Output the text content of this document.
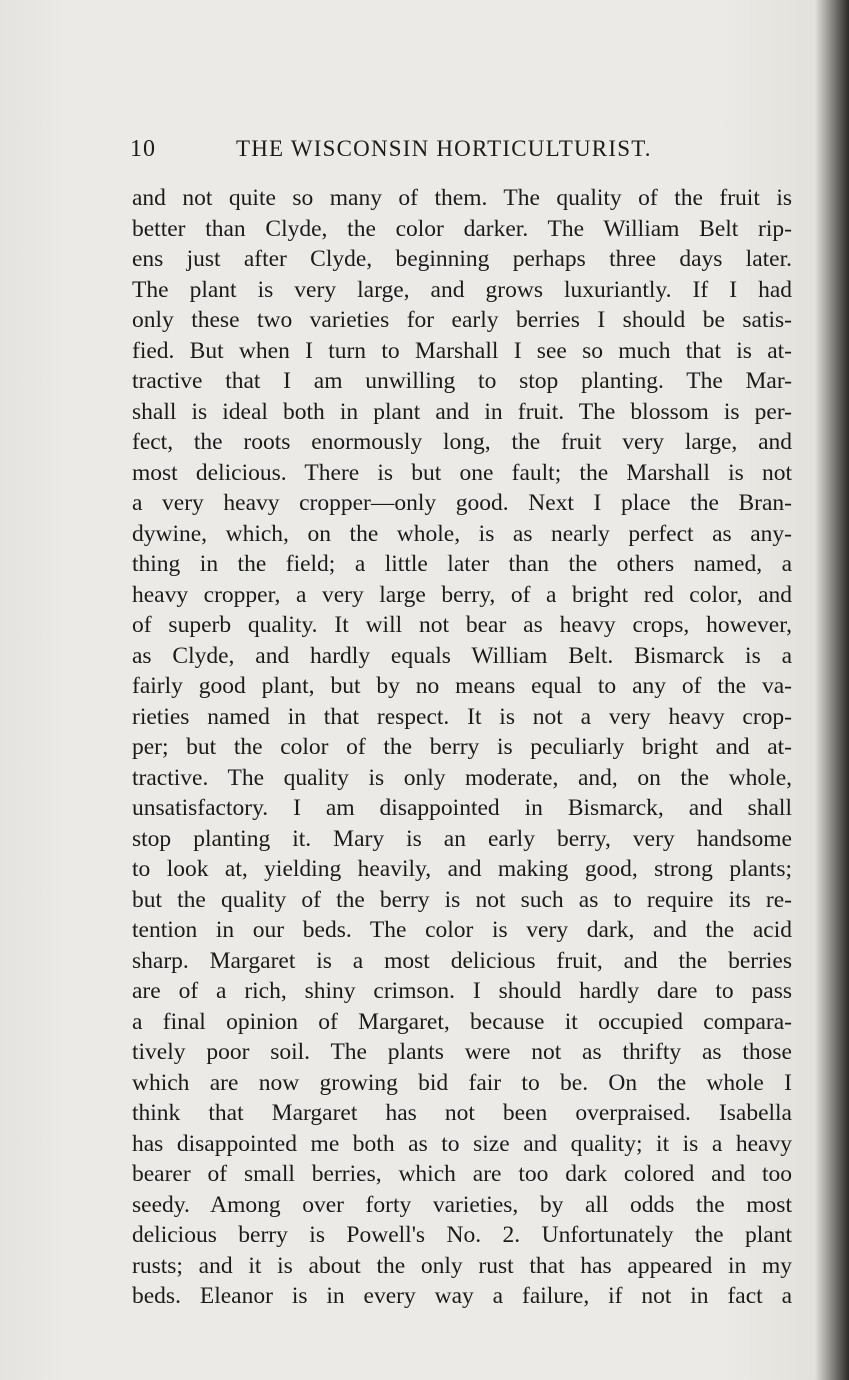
10	THE WISCONSIN HORTICULTURIST.
and not quite so many of them. The quality of the fruit is
better than Clyde, the color darker. The William Belt rip-
ens just after Clyde, beginning perhaps three days later.
The plant is very large, and grows luxuriantly. If I had
only these two varieties for early berries I should be satis-
fied. But when I turn to Marshall I see so much that is at-
tractive that I am unwilling to stop planting. The Mar-
shall is ideal both in plant and in fruit. The blossom is per-
fect, the roots enormously long, the fruit very large, and
most delicious. There is but one fault; the Marshall is not
a very heavy cropper—only good. Next I place the Bran-
dywine, which, on the whole, is as nearly perfect as any-
thing in the field; a little later than the others named, a
heavy cropper, a very large berry, of a bright red color, and
of superb quality. It will not bear as heavy crops, however,
as Clyde, and hardly equals William Belt. Bismarck is a
fairly good plant, but by no means equal to any of the va-
rieties named in that respect. It is not a very heavy crop-
per; but the color of the berry is peculiarly bright and at-
tractive. The quality is only moderate, and, on the whole,
unsatisfactory. I am disappointed in Bismarck, and shall
stop planting it. Mary is an early berry, very handsome
to look at, yielding heavily, and making good, strong plants;
but the quality of the berry is not such as to require its re-
tention in our beds. The color is very dark, and the acid
sharp. Margaret is a most delicious fruit, and the berries
are of a rich, shiny crimson. I should hardly dare to pass
a final opinion of Margaret, because it occupied compara-
tively poor soil. The plants were not as thrifty as those
which are now growing bid fair to be. On the whole I
think that Margaret has not been overpraised. Isabella
has disappointed me both as to size and quality; it is a heavy
bearer of small berries, which are too dark colored and too
seedy. Among over forty varieties, by all odds the most
delicious berry is Powell's No. 2. Unfortunately the plant
rusts; and it is about the only rust that has appeared in my
beds. Eleanor is in every way a failure, if not in fact a
